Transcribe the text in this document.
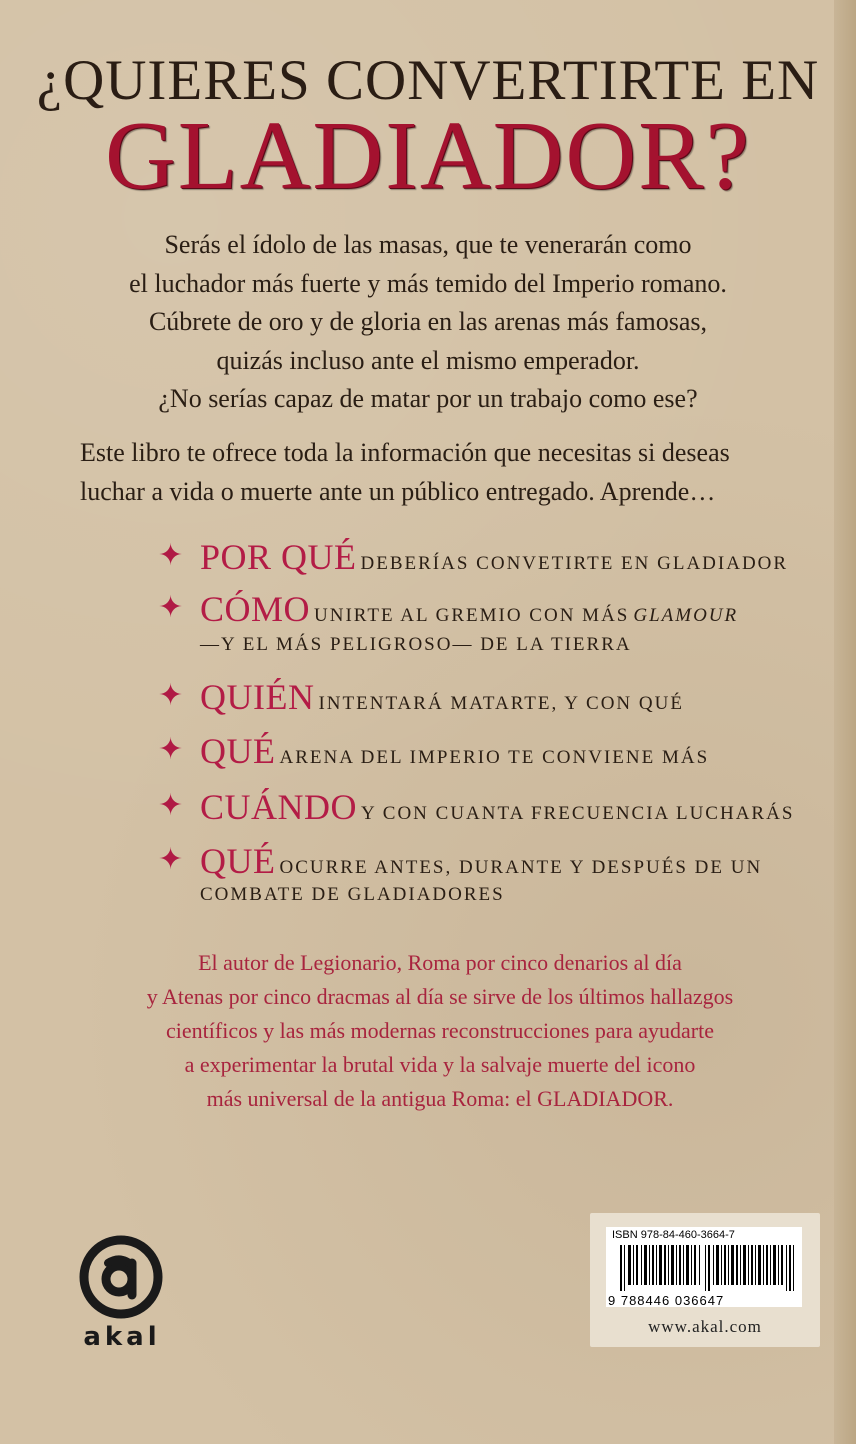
¿QUIERES CONVERTIRTE EN
GLADIADOR?

Serás el ídolo de las masas, que te venerarán como

el luchador más fuerte y más temido del Imperio romano.

Cúbrete de oro y de gloria en las arenas más famosas,

quizás incluso ante el mismo emperador.

¿No serías capaz de matar por un trabajo como ese?

Este libro te ofrece toda la información que necesitas si deseas

luchar a vida o muerte ante un público entregado. Aprende…

✦ POR QUÉ DEBERÍAS CONVETIRTE EN GLADIADOR
✦ CÓMO UNIRTE AL GREMIO CON MÁS GLAMOUR
—Y EL MÁS PELIGROSO— DE LA TIERRA
✦ QUIÉN INTENTARÁ MATARTE, Y CON QUÉ
✦ QUÉ ARENA DEL IMPERIO TE CONVIENE MÁS
✦ CUÁNDO Y CON CUANTA FRECUENCIA LUCHARÁS
✦ QUÉ OCURRE ANTES, DURANTE Y DESPUÉS DE UN
COMBATE DE GLADIADORES

El autor de Legionario, Roma por cinco denarios al día

y Atenas por cinco dracmas al día se sirve de los últimos hallazgos

científicos y las más modernas reconstrucciones para ayudarte

a experimentar la brutal vida y la salvaje muerte del icono

más universal de la antigua Roma: el GLADIADOR.

akal
ISBN 978-84-460-3664-7
9 788446 036647
www.akal.com
